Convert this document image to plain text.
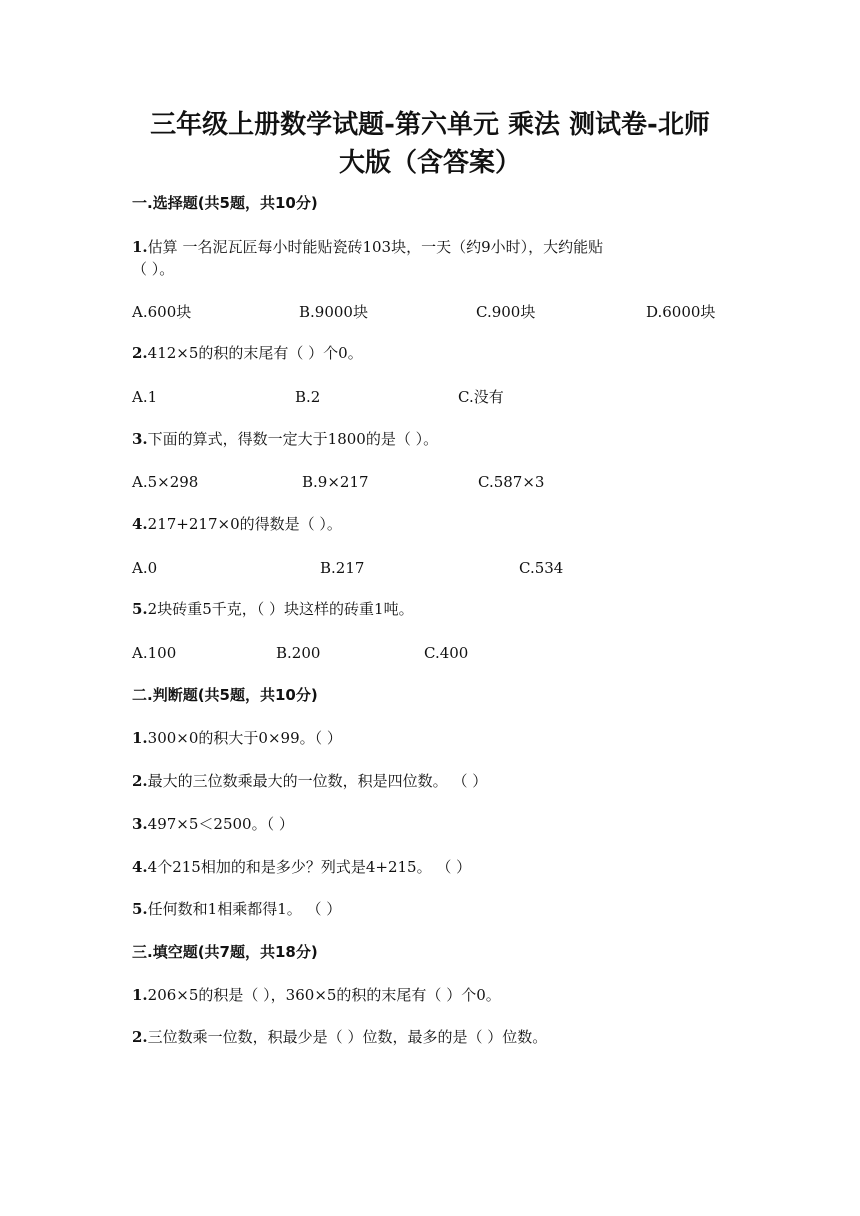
三年级上册数学试题-第六单元 乘法 测试卷-北师
大版（含答案）
一.选择题(共5题，共10分)
1.估算 一名泥瓦匠每小时能贴瓷砖103块，一天（约9小时），大约能贴
（ ）。
A.600块	B.9000块	C.900块	D.6000块
2.412×5的积的末尾有（ ）个0。
A.1	B.2	C.没有
3.下面的算式，得数一定大于1800的是（ ）。
A.5×298	B.9×217	C.587×3
4.217+217×0的得数是（ ）。
A.0	B.217	C.534
5.2块砖重5千克，（ ）块这样的砖重1吨。
A.100	B.200	C.400
二.判断题(共5题，共10分)
1.300×0的积大于0×99。（ ）
2.最大的三位数乘最大的一位数，积是四位数。 （ ）
3.497×5＜2500。（ ）
4.4个215相加的和是多少？列式是4+215。 （ ）
5.任何数和1相乘都得1。 （ ）
三.填空题(共7题，共18分)
1.206×5的积是（ ），360×5的积的末尾有（ ）个0。
2.三位数乘一位数，积最少是（ ）位数，最多的是（ ）位数。
